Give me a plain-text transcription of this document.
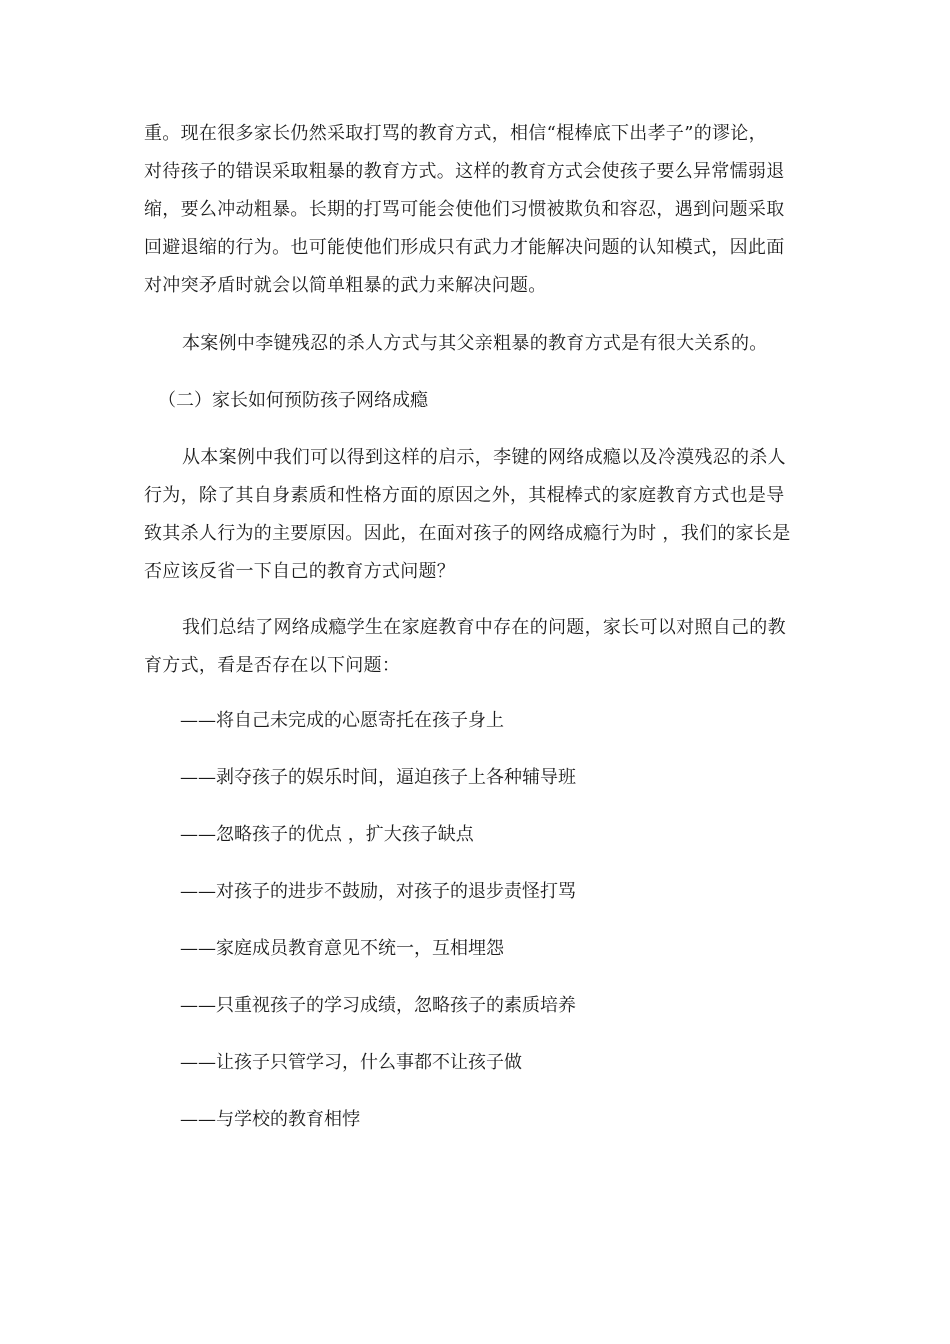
重。现在很多家长仍然采取打骂的教育方式，相信“棍棒底下出孝子”的谬论，

对待孩子的错误采取粗暴的教育方式。这样的教育方式会使孩子要么异常懦弱退

缩，要么冲动粗暴。长期的打骂可能会使他们习惯被欺负和容忍，遇到问题采取

回避退缩的行为。也可能使他们形成只有武力才能解决问题的认知模式，因此面

对冲突矛盾时就会以简单粗暴的武力来解决问题。

本案例中李键残忍的杀人方式与其父亲粗暴的教育方式是有很大关系的。

（二）家长如何预防孩子网络成瘾

从本案例中我们可以得到这样的启示，李键的网络成瘾以及冷漠残忍的杀人

行为，除了其自身素质和性格方面的原因之外，其棍棒式的家庭教育方式也是导

致其杀人行为的主要原因。因此，在面对孩子的网络成瘾行为时 ，我们的家长是

否应该反省一下自己的教育方式问题？

我们总结了网络成瘾学生在家庭教育中存在的问题，家长可以对照自己的教

育方式，看是否存在以下问题：

——将自己未完成的心愿寄托在孩子身上

——剥夺孩子的娱乐时间，逼迫孩子上各种辅导班

——忽略孩子的优点 ，扩大孩子缺点

——对孩子的进步不鼓励，对孩子的退步责怪打骂

——家庭成员教育意见不统一，互相埋怨

——只重视孩子的学习成绩，忽略孩子的素质培养

——让孩子只管学习，什么事都不让孩子做

——与学校的教育相悖
